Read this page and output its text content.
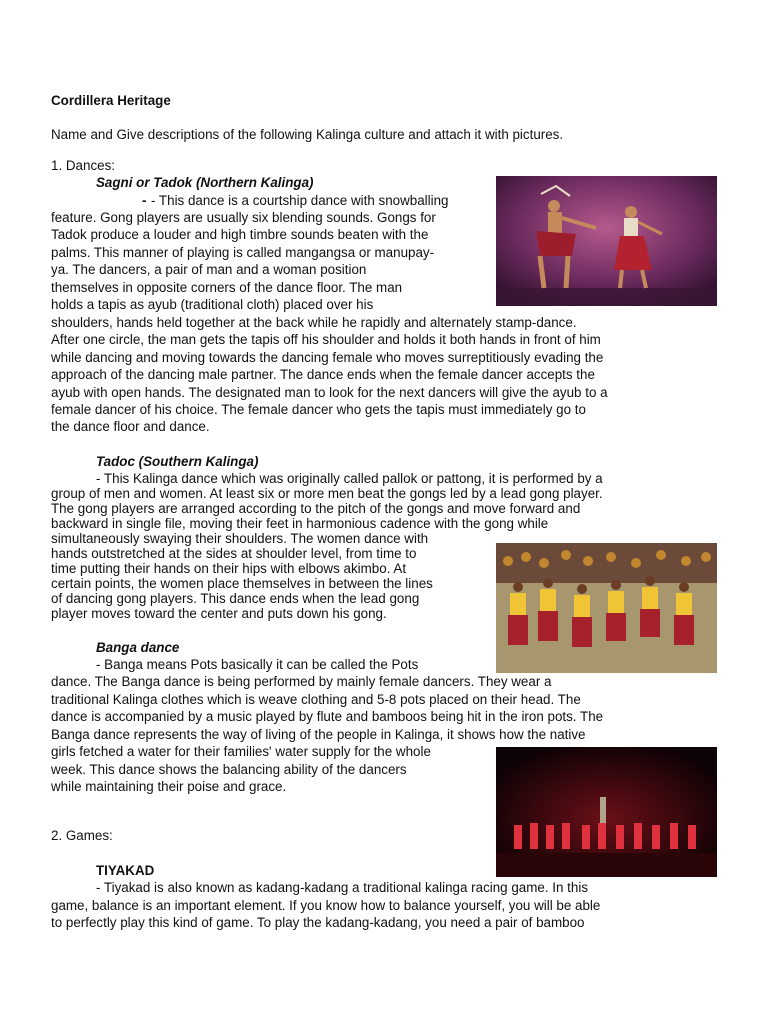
Cordillera Heritage

Name and Give descriptions of the following Kalinga culture and attach it with pictures.

1. Dances:

Sagni or Tadok (Northern Kalinga)

- - This dance is a courtship dance with snowballing

feature. Gong players are usually six blending sounds. Gongs for

Tadok produce a louder and high timbre sounds beaten with the

palms. This manner of playing is called mangangsa or manupay-

ya. The dancers, a pair of man and a woman position

themselves in opposite corners of the dance floor. The man

holds a tapis as ayub (traditional cloth) placed over his

shoulders, hands held together at the back while he rapidly and alternately stamp-dance.

After one circle, the man gets the tapis off his shoulder and holds it both hands in front of him

while dancing and moving towards the dancing female who moves surreptitiously evading the

approach of the dancing male partner. The dance ends when the female dancer accepts the

ayub with open hands. The designated man to look for the next dancers will give the ayub to a

female dancer of his choice. The female dancer who gets the tapis must immediately go to

the dance floor and dance.

Tadoc (Southern Kalinga)

- This Kalinga dance which was originally called pallok or pattong, it is performed by a

group of men and women. At least six or more men beat the gongs led by a lead gong player.

The gong players are arranged according to the pitch of the gongs and move forward and

backward in single file, moving their feet in harmonious cadence with the gong while

simultaneously swaying their shoulders. The women dance with

hands outstretched at the sides at shoulder level, from time to

time putting their hands on their hips with elbows akimbo. At

certain points, the women place themselves in between the lines

of dancing gong players. This dance ends when the lead gong

player moves toward the center and puts down his gong.

Banga dance

- Banga means Pots basically it can be called the Pots

dance. The Banga dance is being performed by mainly female dancers. They wear a

traditional Kalinga clothes which is weave clothing and 5-8 pots placed on their head. The

dance is accompanied by a music played by flute and bamboos being hit in the iron pots. The

Banga dance represents the way of living of the people in Kalinga, it shows how the native

girls fetched a water for their families' water supply for the whole

week. This dance shows the balancing ability of the dancers

while maintaining their poise and grace.

2. Games:

TIYAKAD

- Tiyakad is also known as kadang-kadang a traditional kalinga racing game. In this

game, balance is an important element. If you know how to balance yourself, you will be able

to perfectly play this kind of game. To play the kadang-kadang, you need a pair of bamboo
